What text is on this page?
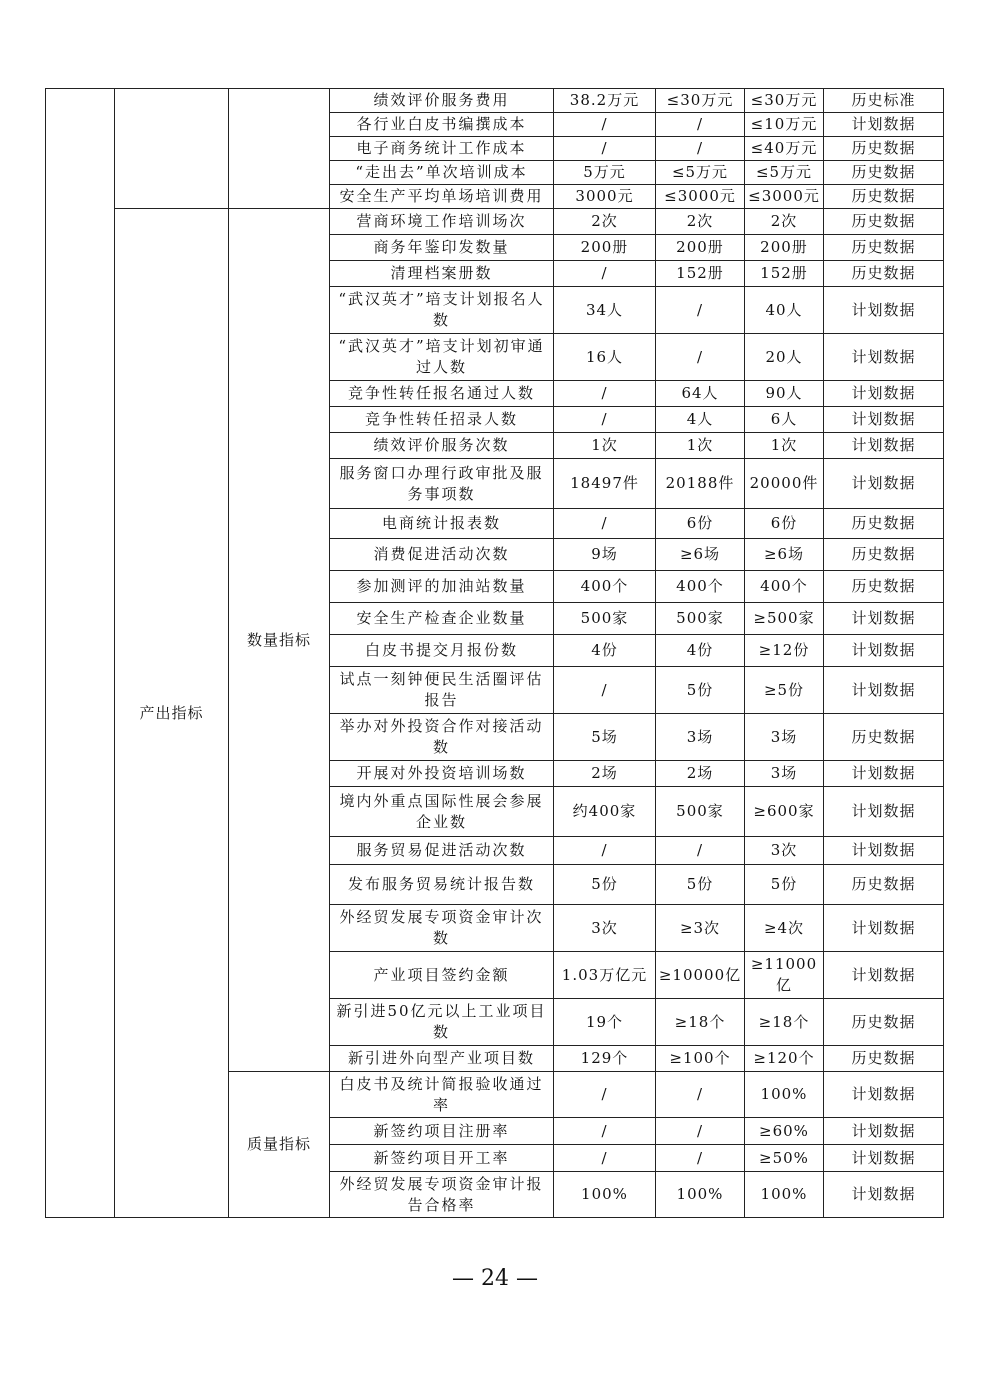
			绩效评价服务费用	38.2万元	≤30万元	≤30万元	历史标准
			各行业白皮书编撰成本	/	/	≤10万元	计划数据
			电子商务统计工作成本	/	/	≤40万元	历史数据
			“走出去”单次培训成本	5万元	≤5万元	≤5万元	历史数据
			安全生产平均单场培训费用	3000元	≤3000元	≤3000元	历史数据
	产出指标	数量指标	营商环境工作培训场次	2次	2次	2次	历史数据
			商务年鉴印发数量	200册	200册	200册	历史数据
			清理档案册数	/	152册	152册	历史数据
			“武汉英才”培支计划报名人数	34人	/	40人	计划数据
			“武汉英才”培支计划初审通过人数	16人	/	20人	计划数据
			竞争性转任报名通过人数	/	64人	90人	计划数据
			竞争性转任招录人数	/	4人	6人	计划数据
			绩效评价服务次数	1次	1次	1次	计划数据
			服务窗口办理行政审批及服务事项数	18497件	20188件	20000件	计划数据
			电商统计报表数	/	6份	6份	历史数据
			消费促进活动次数	9场	≥6场	≥6场	历史数据
			参加测评的加油站数量	400个	400个	400个	历史数据
			安全生产检查企业数量	500家	500家	≥500家	计划数据
			白皮书提交月报份数	4份	4份	≥12份	计划数据
			试点一刻钟便民生活圈评估报告	/	5份	≥5份	计划数据
			举办对外投资合作对接活动数	5场	3场	3场	历史数据
			开展对外投资培训场数	2场	2场	3场	计划数据
			境内外重点国际性展会参展企业数	约400家	500家	≥600家	计划数据
			服务贸易促进活动次数	/	/	3次	计划数据
			发布服务贸易统计报告数	5份	5份	5份	历史数据
			外经贸发展专项资金审计次数	3次	≥3次	≥4次	计划数据
			产业项目签约金额	1.03万亿元	≥10000亿	≥11000亿	计划数据
			新引进50亿元以上工业项目数	19个	≥18个	≥18个	历史数据
			新引进外向型产业项目数	129个	≥100个	≥120个	历史数据
		质量指标	白皮书及统计简报验收通过率	/	/	100%	计划数据
			新签约项目注册率	/	/	≥60%	计划数据
			新签约项目开工率	/	/	≥50%	计划数据
			外经贸发展专项资金审计报告合格率	100%	100%	100%	计划数据
— 24 —
